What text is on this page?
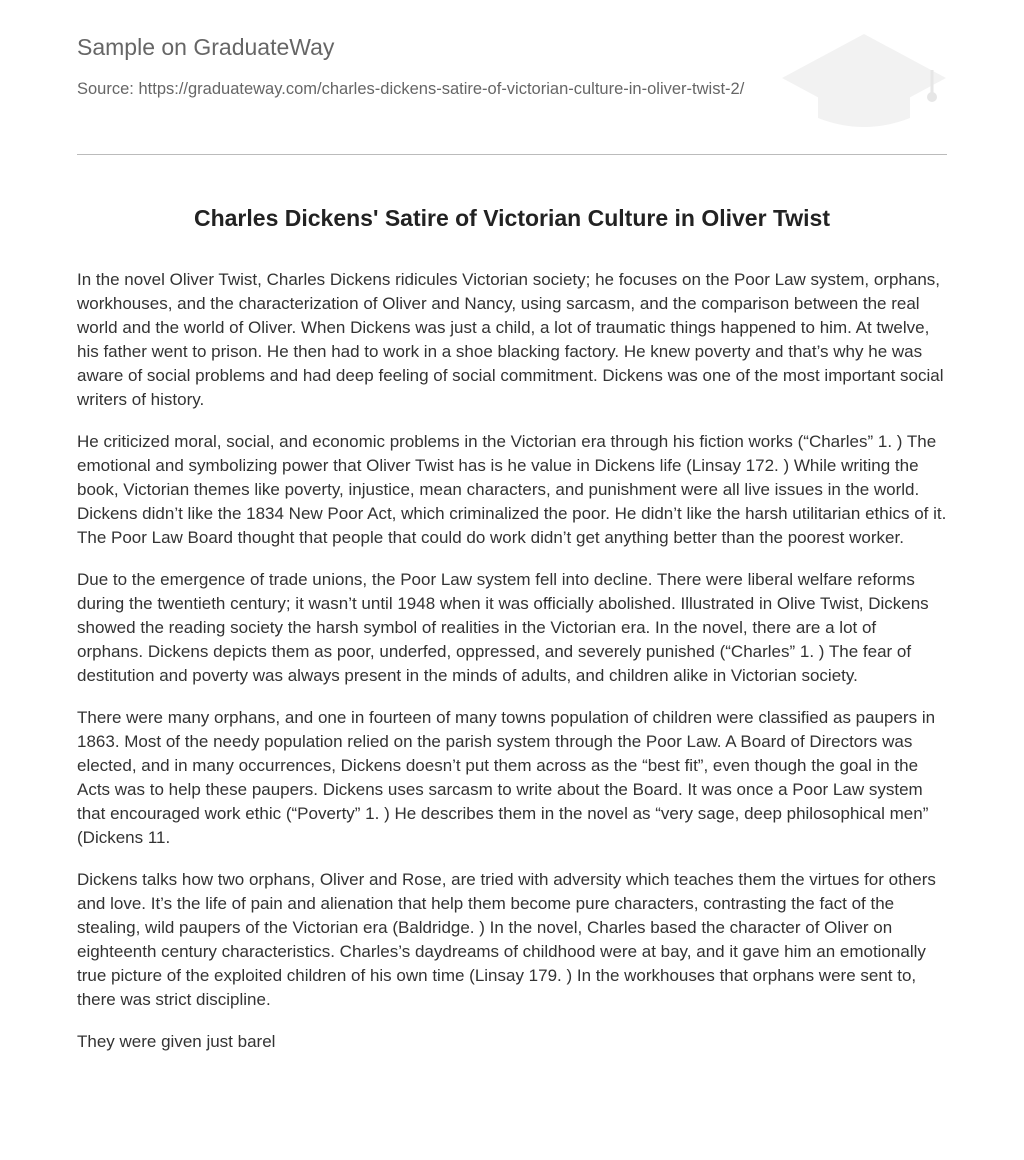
Sample on GraduateWay
Source: https://graduateway.com/charles-dickens-satire-of-victorian-culture-in-oliver-twist-2/
Charles Dickens' Satire of Victorian Culture in Oliver Twist

In the novel Oliver Twist, Charles Dickens ridicules Victorian society; he focuses on the Poor Law system, orphans, workhouses, and the characterization of Oliver and Nancy, using sarcasm, and the comparison between the real world and the world of Oliver. When Dickens was just a child, a lot of traumatic things happened to him. At twelve, his father went to prison. He then had to work in a shoe blacking factory. He knew poverty and that’s why he was aware of social problems and had deep feeling of social commitment. Dickens was one of the most important social writers of history.

He criticized moral, social, and economic problems in the Victorian era through his fiction works (“Charles” 1. ) The emotional and symbolizing power that Oliver Twist has is he value in Dickens life (Linsay 172. ) While writing the book, Victorian themes like poverty, injustice, mean characters, and punishment were all live issues in the world. Dickens didn’t like the 1834 New Poor Act, which criminalized the poor. He didn’t like the harsh utilitarian ethics of it. The Poor Law Board thought that people that could do work didn’t get anything better than the poorest worker.

Due to the emergence of trade unions, the Poor Law system fell into decline. There were liberal welfare reforms during the twentieth century; it wasn’t until 1948 when it was officially abolished. Illustrated in Olive Twist, Dickens showed the reading society the harsh symbol of realities in the Victorian era. In the novel, there are a lot of orphans. Dickens depicts them as poor, underfed, oppressed, and severely punished (“Charles” 1. ) The fear of destitution and poverty was always present in the minds of adults, and children alike in Victorian society.

There were many orphans, and one in fourteen of many towns population of children were classified as paupers in 1863. Most of the needy population relied on the parish system through the Poor Law. A Board of Directors was elected, and in many occurrences, Dickens doesn’t put them across as the “best fit”, even though the goal in the Acts was to help these paupers. Dickens uses sarcasm to write about the Board. It was once a Poor Law system that encouraged work ethic (“Poverty” 1. ) He describes them in the novel as “very sage, deep philosophical men” (Dickens 11.

Dickens talks how two orphans, Oliver and Rose, are tried with adversity which teaches them the virtues for others and love. It’s the life of pain and alienation that help them become pure characters, contrasting the fact of the stealing, wild paupers of the Victorian era (Baldridge. ) In the novel, Charles based the character of Oliver on eighteenth century characteristics. Charles’s daydreams of childhood were at bay, and it gave him an emotionally true picture of the exploited children of his own time (Linsay 179. ) In the workhouses that orphans were sent to, there was strict discipline.

They were given just barel
